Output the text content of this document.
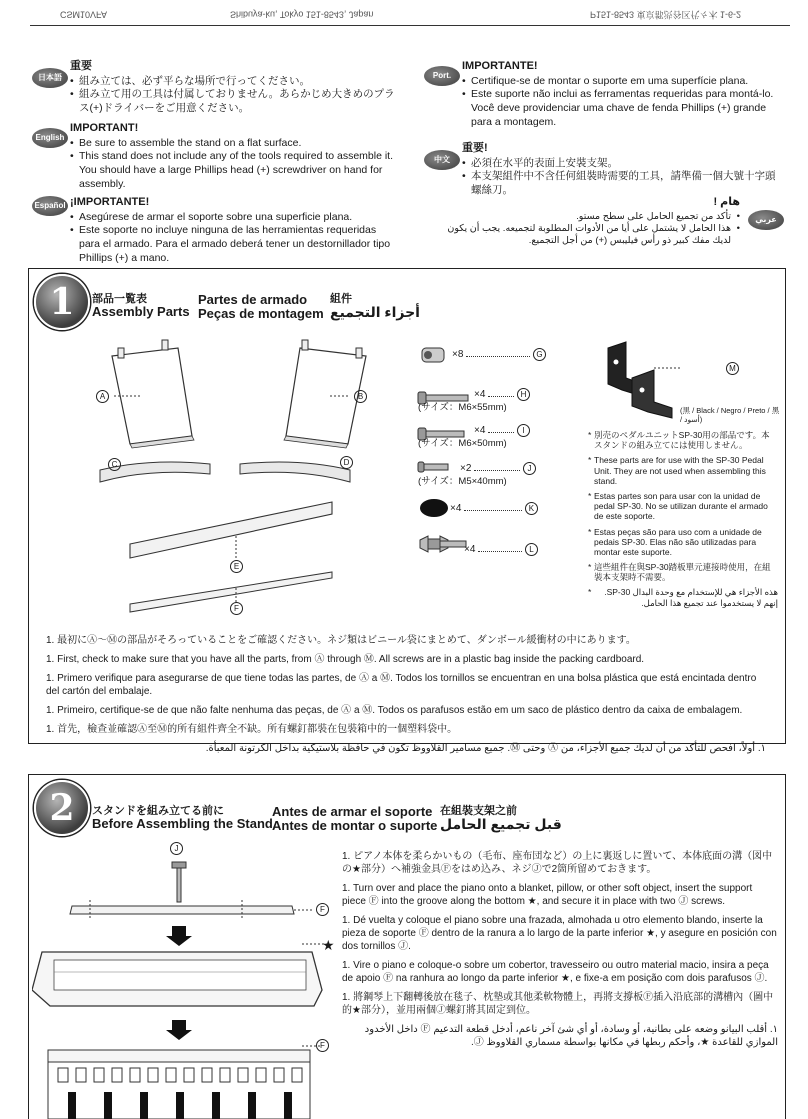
CSM10VFA	Shibuya-ku, Tokyo 151-8543, Japan	P151-8543 東京都渋谷区代々木 1-6-2
日本語
重要
• 組み立ては、必ず平らな場所で行ってください。
• 組み立て用の工具は付属しておりません。あらかじめ大きめのプラス(+)ドライバーをご用意ください。
English
IMPORTANT!
• Be sure to assemble the stand on a flat surface.
• This stand does not include any of the tools required to assemble it. You should have a large Phillips head (+) screwdriver on hand for assembly.
Español ¡IMPORTANTE!
• Asegúrese de armar el soporte sobre una superficie plana.
• Este soporte no incluye ninguna de las herramientas requeridas para el armado. Para el armado deberá tener un destornillador tipo Phillips (+) a mano.
Port.
IMPORTANTE!
• Certifique-se de montar o suporte em uma superfície plana.
• Este suporte não inclui as ferramentas requeridas para montá-lo. Você deve providenciar uma chave de fenda Phillips (+) grande para a montagem.
中文
重要!
• 必須在水平的表面上安裝支架。
• 本支架組件中不含任何組裝時需要的工具，請準備一個大號十字頭螺絲刀。
هام !
• تأكد من تجميع الحامل على سطح مستو.
• هذا الحامل لا يشتمل على أيا من الأدوات المطلوبة لتجميعه. يجب أن يكون لديك مفك كبير ذو رأس فيليبس (+) من أجل التجميع.
عربي
1	部品一覧表
Assembly Parts
Partes de armado
Peças de montagem
組件
أجزاء التجميع
A	B
C	D
E
F
×8	G
×4	H
(サイズ：M6×55mm)
×4	I
(サイズ：M6×50mm)
×2	J
(サイズ：M5×40mm)
×4	K
×4	L
M
(黒 / Black / Negro / Preto / 黑 / أسود)

* 別売のペダルユニットSP-30用の部品です。本スタンドの組み立てには使用しません。

* These parts are for use with the SP-30 Pedal Unit. They are not used when assembling this stand.

* Estas partes son para usar con la unidad de pedal SP-30. No se utilizan durante el armado de este soporte.

* Estas peças são para uso com a unidade de pedais SP-30. Elas não são utilizadas para montar este suporte.

* 這些組件在與SP-30踏板單元連接時使用，在組裝本支架時不需要。

* هذه الأجزاء هي للإستخدام مع وحدة البدال SP-30. إنهم لا يستخدموا عند تجميع هذا الحامل.

1. 最初にⒶ〜Ⓜの部品がそろっていることをご確認ください。ネジ類はビニール袋にまとめて、ダンボール緩衝材の中にあります。

1. First, check to make sure that you have all the parts, from Ⓐ through Ⓜ. All screws are in a plastic bag inside the packing cardboard.

1. Primero verifique para asegurarse de que tiene todas las partes, de Ⓐ a Ⓜ. Todos los tornillos se encuentran en una bolsa plástica que está encintada dentro del cartón del embalaje.

1. Primeiro, certifique-se de que não falte nenhuma das peças, de Ⓐ a Ⓜ. Todos os parafusos estão em um saco de plástico dentro da caixa de embalagem.

1. 首先，檢查並確認Ⓐ至Ⓜ的所有組件齊全不缺。所有螺釘都裝在包裝箱中的一個塑料袋中。

١. أولاً، افحص للتأكد من أن لديك جميع الأجزاء، من Ⓐ وحتى Ⓜ. جميع مسامير القلاووظ تكون في حافظة بلاستيكية بداخل الكرتونة المعبأة.

2	スタンドを組み立てる前に
Before Assembling the Stand
Antes de armar el soporte
Antes de montar o suporte
在組裝支架之前
قبل تجميع الحامل
J
F
★
F

1. ピアノ本体を柔らかいもの（毛布、座布団など）の上に裏返しに置いて、本体底面の溝（図中の★部分）へ補強金具Ⓕをはめ込み、ネジⒿで2箇所留めておきます。

1. Turn over and place the piano onto a blanket, pillow, or other soft object, insert the support piece Ⓕ into the groove along the bottom ★, and secure it in place with two Ⓙ screws.

1. Dé vuelta y coloque el piano sobre una frazada, almohada u otro elemento blando, inserte la pieza de soporte Ⓕ dentro de la ranura a lo largo de la parte inferior ★, y asegure en posición con dos tornillos Ⓙ.

1. Vire o piano e coloque-o sobre um cobertor, travesseiro ou outro material macio, insira a peça de apoio Ⓕ na ranhura ao longo da parte inferior ★, e fixe-a em posição com dois parafusos Ⓙ.

1. 將鋼琴上下翻轉後放在毯子、枕墊或其他柔軟物體上，再將支撐板Ⓕ插入沿底部的溝槽內（圖中的★部分），並用兩個Ⓙ螺釘將其固定到位。

١. أقلب البيانو وضعه على بطانية، أو وسادة، أو أي شئ آخر ناعم، أدخل قطعة التدعيم Ⓕ داخل الأخدود الموازي للقاعدة ★، وأحكم ربطها في مكانها بواسطة مسماري القلاووظ Ⓙ.
